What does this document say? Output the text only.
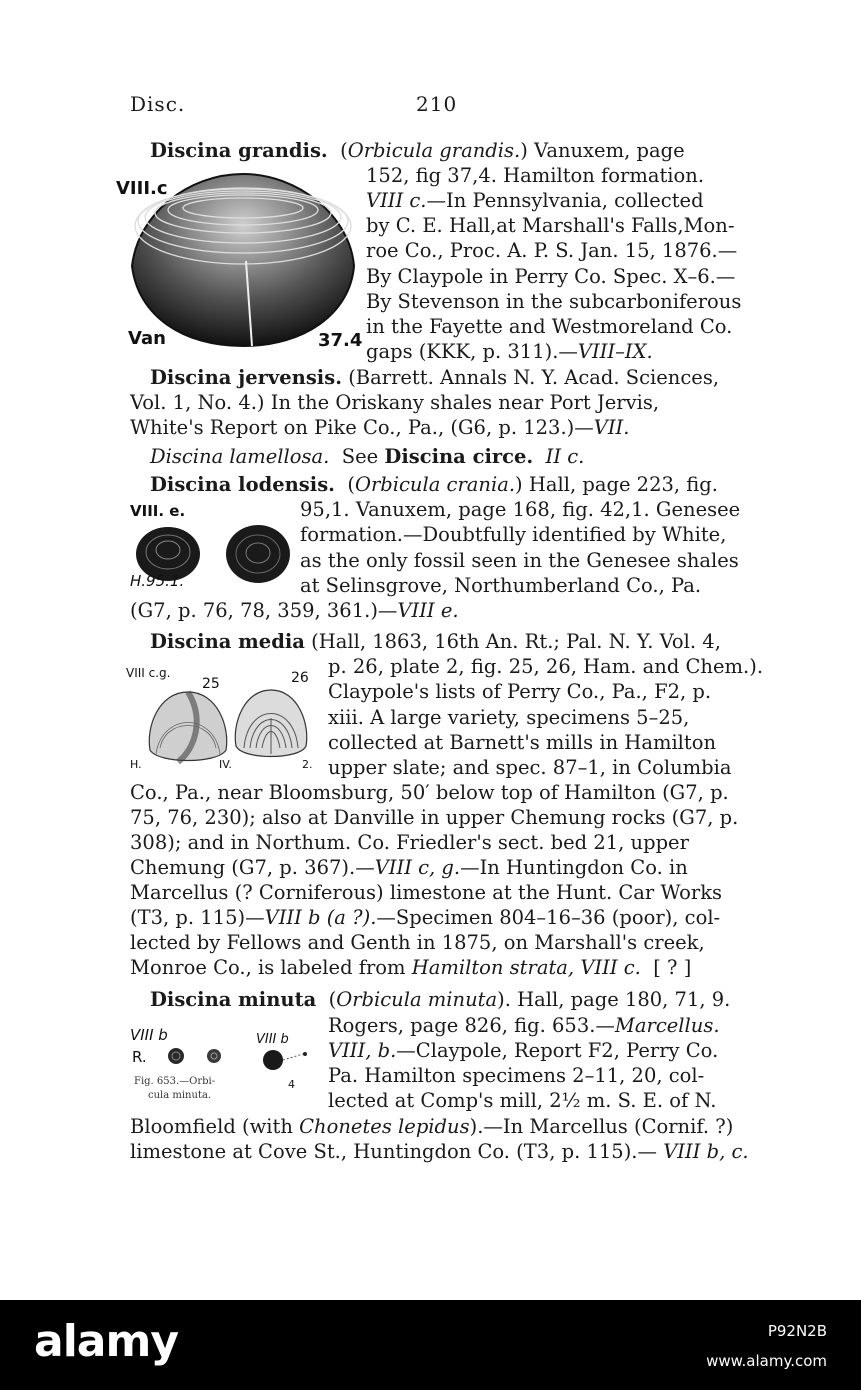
Disc.	210
VIII.c
Van	37.4
Discina grandis. (Orbicula grandis.) Vanuxem, page
152, fig 37,4. Hamilton formation.
VIII c.—In Pennsylvania, collected
by C. E. Hall,at Marshall's Falls,Mon-
roe Co., Proc. A. P. S. Jan. 15, 1876.—
By Claypole in Perry Co. Spec. X–6.—
By Stevenson in the subcarboniferous
in the Fayette and Westmoreland Co.
gaps (KKK, p. 311).—VIII–IX.
Discina jervensis. (Barrett. Annals N. Y. Acad. Sciences,
Vol. 1, No. 4.) In the Oriskany shales near Port Jervis,
White's Report on Pike Co., Pa., (G6, p. 123.)—VII.
Discina lamellosa. See Discina circe. II c.
VIII. e.
H.95.1.
Discina lodensis. (Orbicula crania.) Hall, page 223, fig.
95,1. Vanuxem, page 168, fig. 42,1. Genesee
formation.—Doubtfully identified by White,
as the only fossil seen in the Genesee shales
at Selinsgrove, Northumberland Co., Pa.
(G7, p. 76, 78, 359, 361.)—VIII e.
VIII c.g.
25	26
H.	IV.	2.
Discina media (Hall, 1863, 16th An. Rt.; Pal. N. Y. Vol. 4,
p. 26, plate 2, fig. 25, 26, Ham. and Chem.).
Claypole's lists of Perry Co., Pa., F2, p.
xiii. A large variety, specimens 5–25,
collected at Barnett's mills in Hamilton
upper slate; and spec. 87–1, in Columbia
Co., Pa., near Bloomsburg, 50′ below top of Hamilton (G7, p.
75, 76, 230); also at Danville in upper Chemung rocks (G7, p.
308); and in Northum. Co. Friedler's sect. bed 21, upper
Chemung (G7, p. 367).—VIII c, g.—In Huntingdon Co. in
Marcellus (? Corniferous) limestone at the Hunt. Car Works
(T3, p. 115)—VIII b (a ?).—Specimen 804–16–36 (poor), col-
lected by Fellows and Genth in 1875, on Marshall's creek,
Monroe Co., is labeled from Hamilton strata, VIII c. [ ? ]
VIII b	VIII b
R.
4
Fig. 653.—Orbi-
cula minuta.
Discina minuta (Orbicula minuta). Hall, page 180, 71, 9.
Rogers, page 826, fig. 653.—Marcellus.
VIII, b.—Claypole, Report F2, Perry Co.
Pa. Hamilton specimens 2–11, 20, col-
lected at Comp's mill, 2½ m. S. E. of N.
Bloomfield (with Chonetes lepidus).—In Marcellus (Cornif. ?)
limestone at Cove St., Huntingdon Co. (T3, p. 115).— VIII b, c.
alamy	P92N2B
www.alamy.com
